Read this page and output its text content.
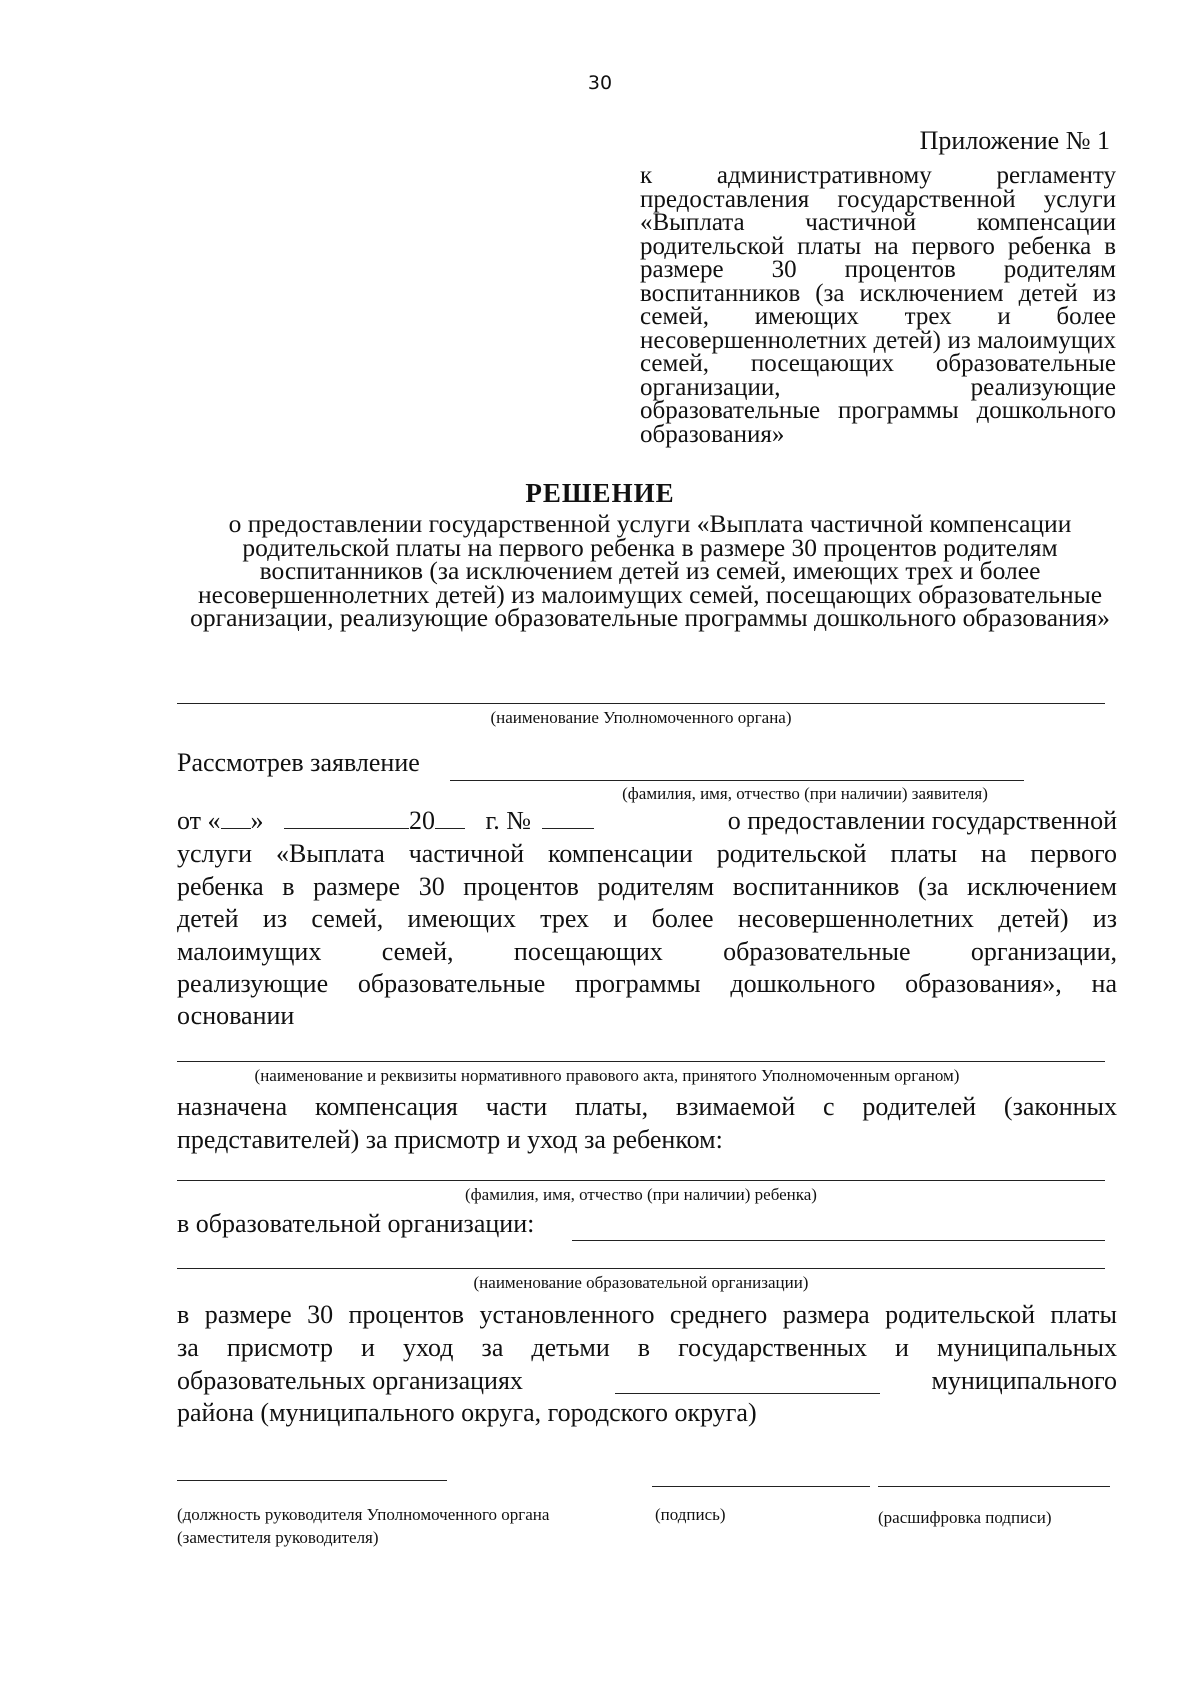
30
Приложение № 1
к административному регламенту предоставления государственной услуги «Выплата частичной компенсации родительской платы на первого ребенка в размере 30 процентов родителям воспитанников (за исключением детей из семей, имеющих трех и более несовершеннолетних детей) из малоимущих семей, посещающих образовательные организации, реализующие образовательные программы дошкольного образования»
РЕШЕНИЕ
о предоставлении государственной услуги «Выплата частичной компенсации родительской платы на первого ребенка в размере 30 процентов родителям воспитанников (за исключением детей из семей, имеющих трех и более несовершеннолетних детей) из малоимущих семей, посещающих образовательные организации, реализующие образовательные программы дошкольного образования»
(наименование Уполномоченного органа)
Рассмотрев заявление
(фамилия, имя, отчество (при наличии) заявителя)
от « »	20 г. №	о предоставлении государственной
услуги «Выплата частичной компенсации родительской платы на первого
ребенка в размере 30 процентов родителям воспитанников (за исключением
детей из семей, имеющих трех и более несовершеннолетних детей) из
малоимущих семей, посещающих образовательные организации,
реализующие образовательные программы дошкольного образования», на
основании
(наименование и реквизиты нормативного правового акта, принятого Уполномоченным органом)
назначена компенсация части платы, взимаемой с родителей (законных
представителей) за присмотр и уход за ребенком:
(фамилия, имя, отчество (при наличии) ребенка)
в образовательной организации:
(наименование образовательной организации)
в размере 30 процентов установленного среднего размера родительской платы
за присмотр и уход за детьми в государственных и муниципальных
образовательных организациях	муниципального
района (муниципального округа, городского округа)
(должность руководителя Уполномоченного органа
(заместителя руководителя)
(подпись)	(расшифровка подписи)
